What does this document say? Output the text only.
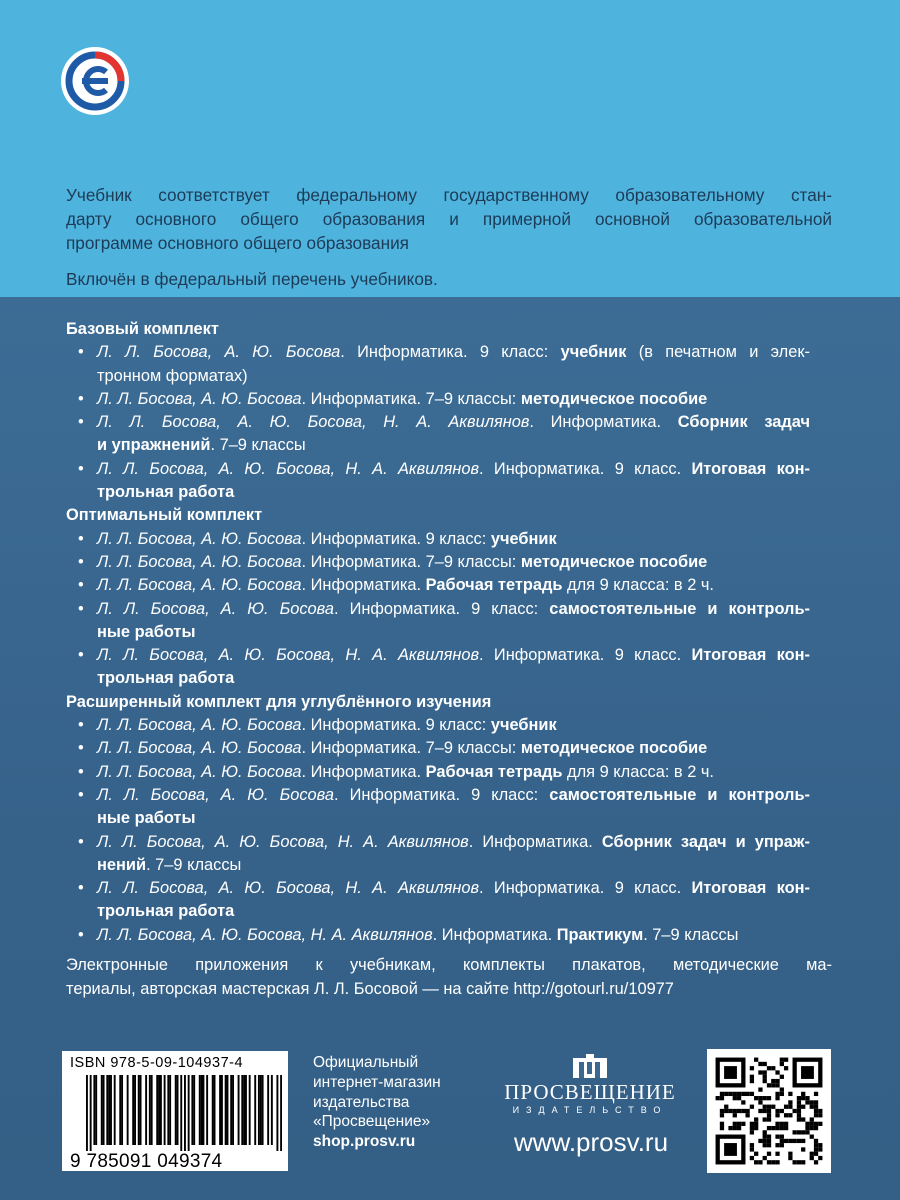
Учебник соответствует федеральному государственному образовательному стан-

дарту основного общего образования и примерной основной образовательной

программе основного общего образования

Включён в федеральный перечень учебников.

Базовый комплект

• Л. Л. Босова, А. Ю. Босова. Информатика. 9 класс: учебник (в печатном и элек-
тронном форматах)
• Л. Л. Босова, А. Ю. Босова. Информатика. 7–9 классы: методическое пособие
• Л. Л. Босова, А. Ю. Босова, Н. А. Аквилянов. Информатика. Сборник задач
и упражнений. 7–9 классы
• Л. Л. Босова, А. Ю. Босова, Н. А. Аквилянов. Информатика. 9 класс. Итоговая кон-
трольная работа

Оптимальный комплект

• Л. Л. Босова, А. Ю. Босова. Информатика. 9 класс: учебник
• Л. Л. Босова, А. Ю. Босова. Информатика. 7–9 классы: методическое пособие
• Л. Л. Босова, А. Ю. Босова. Информатика. Рабочая тетрадь для 9 класса: в 2 ч.
• Л. Л. Босова, А. Ю. Босова. Информатика. 9 класс: самостоятельные и контроль-
ные работы
• Л. Л. Босова, А. Ю. Босова, Н. А. Аквилянов. Информатика. 9 класс. Итоговая кон-
трольная работа

Расширенный комплект для углублённого изучения

• Л. Л. Босова, А. Ю. Босова. Информатика. 9 класс: учебник
• Л. Л. Босова, А. Ю. Босова. Информатика. 7–9 классы: методическое пособие
• Л. Л. Босова, А. Ю. Босова. Информатика. Рабочая тетрадь для 9 класса: в 2 ч.
• Л. Л. Босова, А. Ю. Босова. Информатика. 9 класс: самостоятельные и контроль-
ные работы
• Л. Л. Босова, А. Ю. Босова, Н. А. Аквилянов. Информатика. Сборник задач и упраж-
нений. 7–9 классы
• Л. Л. Босова, А. Ю. Босова, Н. А. Аквилянов. Информатика. 9 класс. Итоговая кон-
трольная работа
• Л. Л. Босова, А. Ю. Босова, Н. А. Аквилянов. Информатика. Практикум. 7–9 классы
Электронные приложения к учебникам, комплекты плакатов, методические ма-
териалы, авторская мастерская Л. Л. Босовой — на сайте http://gotourl.ru/10977
ISBN 978-5-09-104937-4
9 785091 049374
Официальный
интернет-магазин
издательства
«Просвещение»
shop.prosv.ru
ПРОСВЕЩЕНИЕ
ИЗДАТЕЛЬСТВО
www.prosv.ru
